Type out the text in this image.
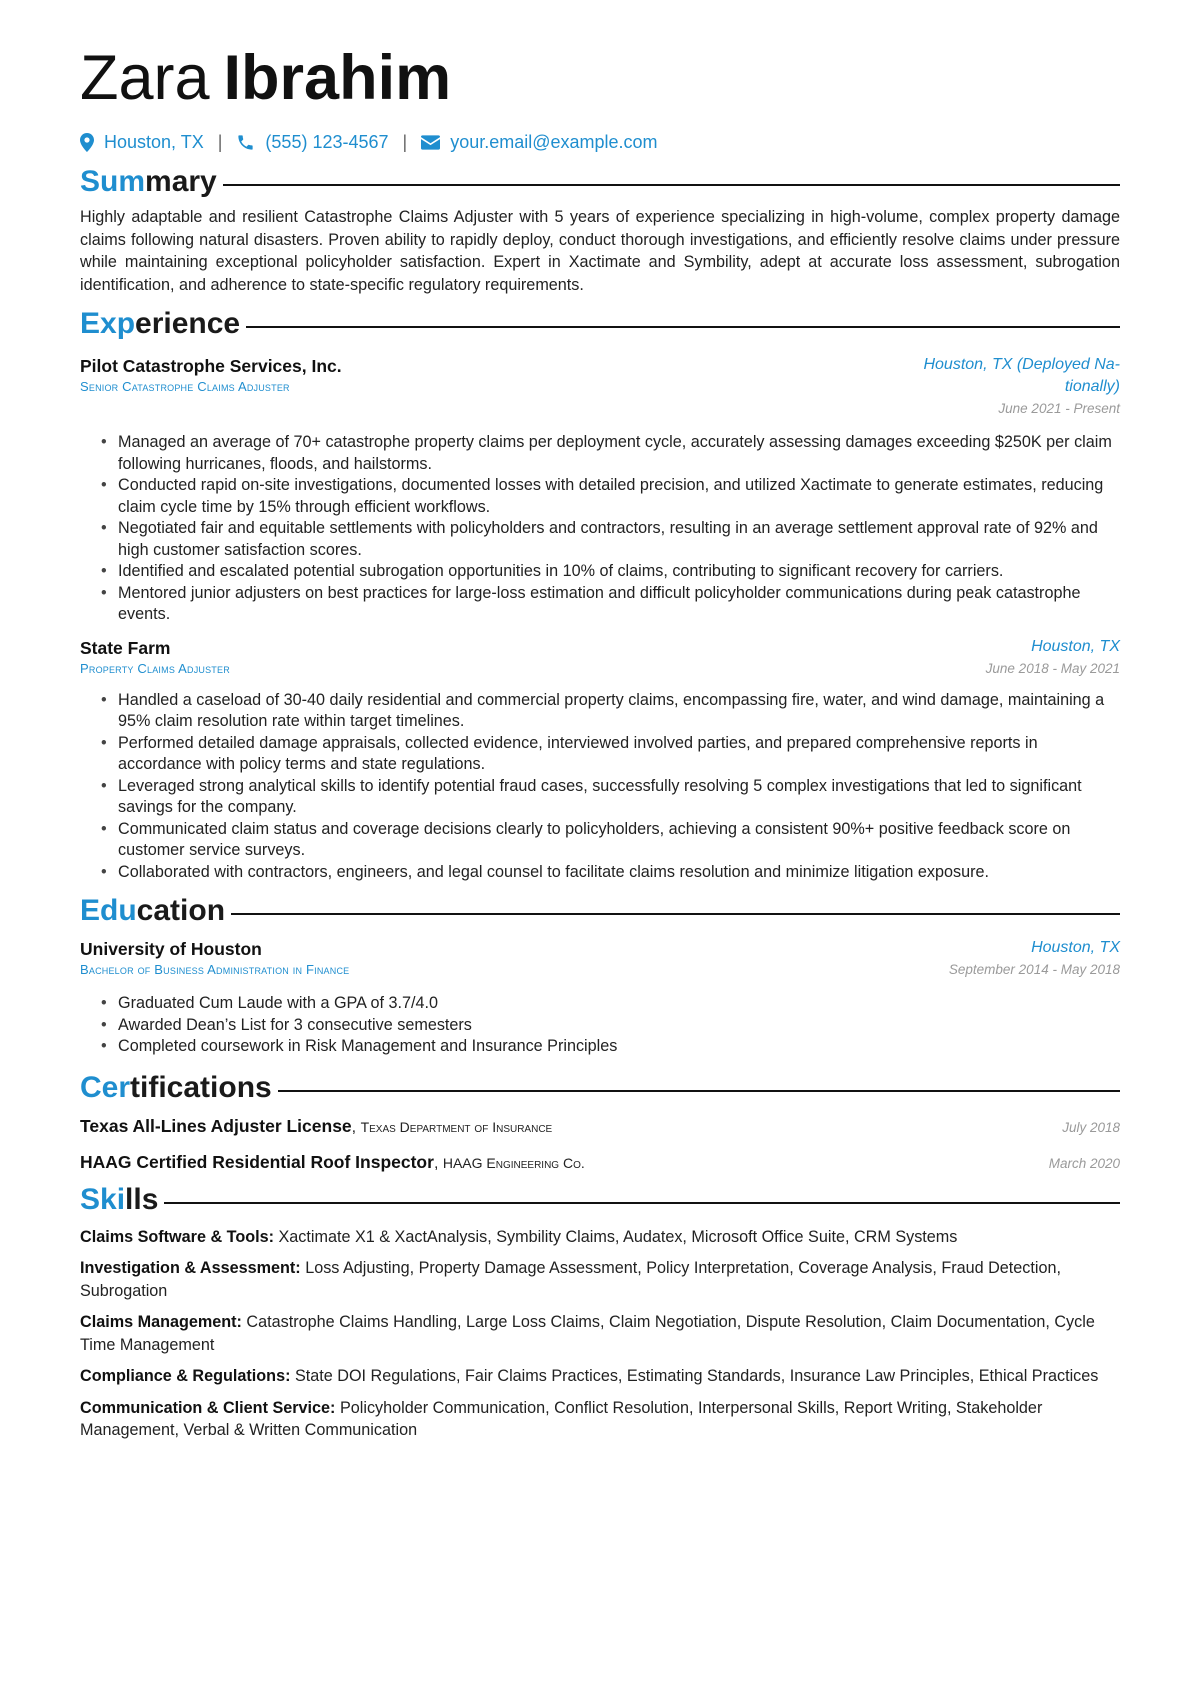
Zara Ibrahim
Houston, TX | (555) 123-4567 | your.email@example.com
Summary
Highly adaptable and resilient Catastrophe Claims Adjuster with 5 years of experience specializing in high-volume, complex property damage claims following natural disasters. Proven ability to rapidly deploy, conduct thorough investigations, and efficiently resolve claims under pressure while maintaining exceptional policyholder satisfaction. Expert in Xactimate and Symbility, adept at accurate loss assessment, subrogation identification, and adherence to state-specific regulatory requirements.
Experience
Pilot Catastrophe Services, Inc.
Senior Catastrophe Claims Adjuster
Houston, TX (Deployed Na-
tionally)
June 2021 - Present
• Managed an average of 70+ catastrophe property claims per deployment cycle, accurately assessing damages exceeding $250K per claim following hurricanes, floods, and hailstorms.
• Conducted rapid on-site investigations, documented losses with detailed precision, and utilized Xactimate to generate estimates, reducing claim cycle time by 15% through efficient workflows.
• Negotiated fair and equitable settlements with policyholders and contractors, resulting in an average settlement approval rate of 92% and high customer satisfaction scores.
• Identified and escalated potential subrogation opportunities in 10% of claims, contributing to significant recovery for carriers.
• Mentored junior adjusters on best practices for large-loss estimation and difficult policyholder communications during peak catastrophe events.
State Farm
Property Claims Adjuster
Houston, TX
June 2018 - May 2021
• Handled a caseload of 30-40 daily residential and commercial property claims, encompassing fire, water, and wind damage, maintaining a 95% claim resolution rate within target timelines.
• Performed detailed damage appraisals, collected evidence, interviewed involved parties, and prepared comprehensive reports in accordance with policy terms and state regulations.
• Leveraged strong analytical skills to identify potential fraud cases, successfully resolving 5 complex investigations that led to significant savings for the company.
• Communicated claim status and coverage decisions clearly to policyholders, achieving a consistent 90%+ positive feedback score on customer service surveys.
• Collaborated with contractors, engineers, and legal counsel to facilitate claims resolution and minimize litigation exposure.
Education
University of Houston
Bachelor of Business Administration in Finance
Houston, TX
September 2014 - May 2018
• Graduated Cum Laude with a GPA of 3.7/4.0
• Awarded Dean’s List for 3 consecutive semesters
• Completed coursework in Risk Management and Insurance Principles
Certifications
Texas All-Lines Adjuster License, Texas Department of Insurance	July 2018
HAAG Certified Residential Roof Inspector, HAAG Engineering Co.	March 2020
Skills
Claims Software & Tools: Xactimate X1 & XactAnalysis, Symbility Claims, Audatex, Microsoft Office Suite, CRM Systems
Investigation & Assessment: Loss Adjusting, Property Damage Assessment, Policy Interpretation, Coverage Analysis, Fraud Detection, Subrogation
Claims Management: Catastrophe Claims Handling, Large Loss Claims, Claim Negotiation, Dispute Resolution, Claim Documentation, Cycle Time Management
Compliance & Regulations: State DOI Regulations, Fair Claims Practices, Estimating Standards, Insurance Law Principles, Ethical Practices
Communication & Client Service: Policyholder Communication, Conflict Resolution, Interpersonal Skills, Report Writing, Stakeholder Management, Verbal & Written Communication
